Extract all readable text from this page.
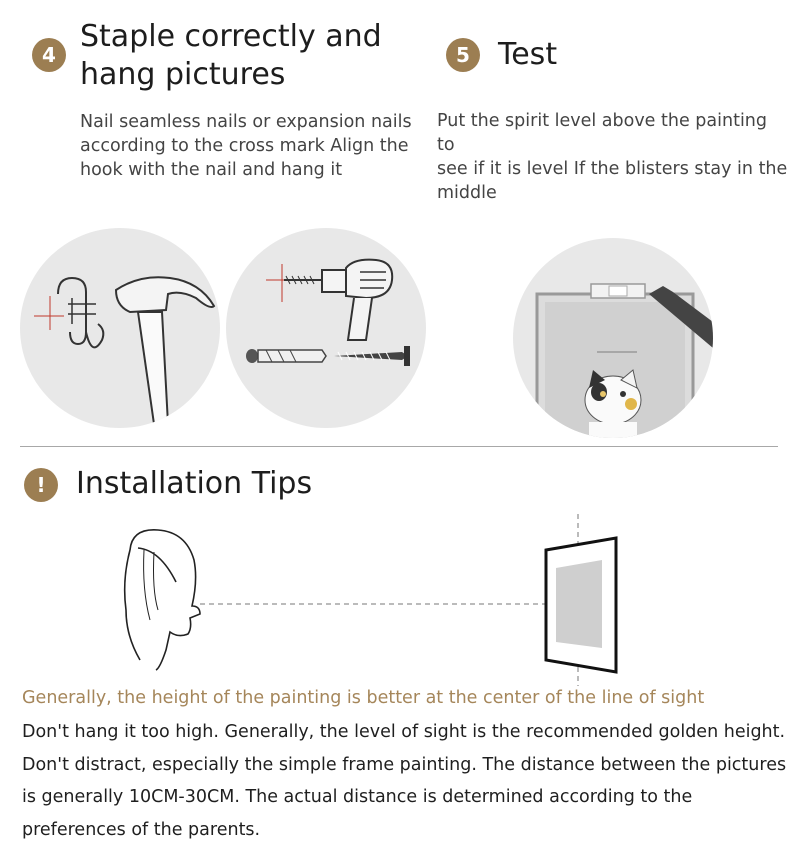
4
Staple correctly and
hang pictures
Nail seamless nails or expansion nails
according to the cross mark Align the
hook with the nail and hang it
5 Test
Put the spirit level above the painting to
see if it is level If the blisters stay in the
middle
! Installation Tips
Generally, the height of the painting is better at the center of the line of sight
Don't hang it too high. Generally, the level of sight is the recommended golden height. Don't distract, especially the simple frame painting. The distance between the pictures is generally 10CM-30CM. The actual distance is determined according to the preferences of the parents.
